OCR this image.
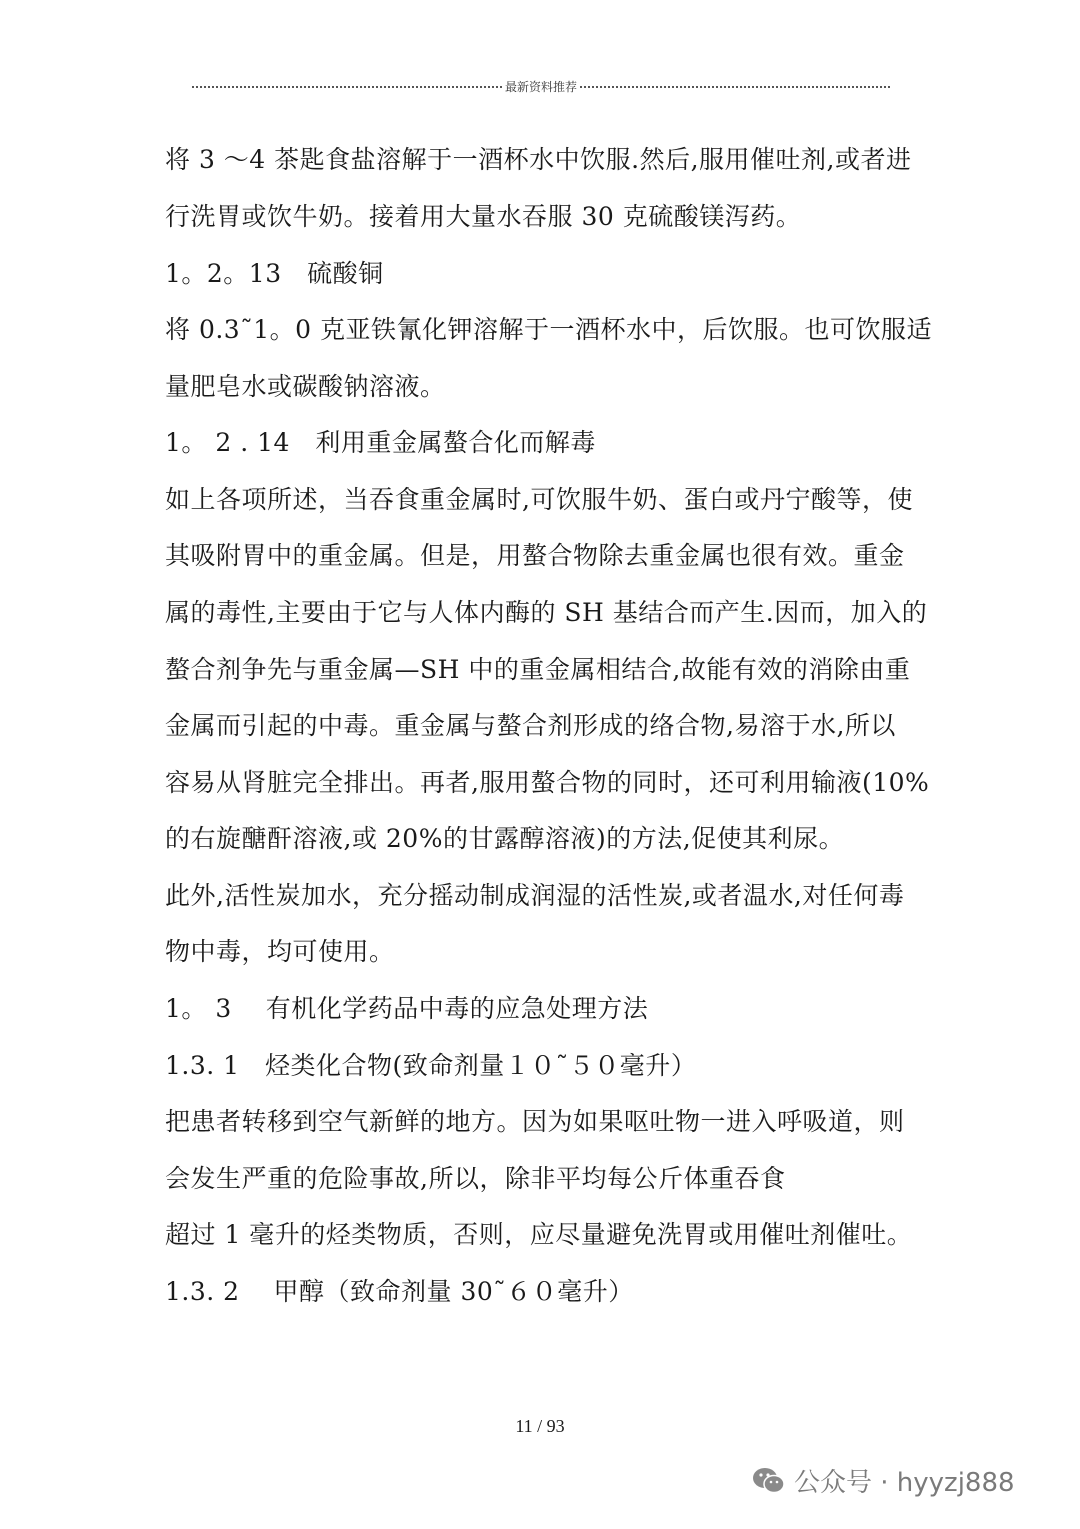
最新资料推荐
将 3 ～4 茶匙食盐溶解于一酒杯水中饮服.然后,服用催吐剂,或者进
行洗胃或饮牛奶。接着用大量水吞服 30 克硫酸镁泻药。
1。2。13　硫酸铜
将 0.3˜1。0 克亚铁氰化钾溶解于一酒杯水中，后饮服。也可饮服适
量肥皂水或碳酸钠溶液。
1。 2 . 14　利用重金属螯合化而解毒
如上各项所述，当吞食重金属时,可饮服牛奶、蛋白或丹宁酸等，使
其吸附胃中的重金属。但是，用螯合物除去重金属也很有效。重金
属的毒性,主要由于它与人体内酶的 SH 基结合而产生.因而，加入的
螯合剂争先与重金属—SH 中的重金属相结合,故能有效的消除由重
金属而引起的中毒。重金属与螯合剂形成的络合物,易溶于水,所以
容易从肾脏完全排出。再者,服用螯合物的同时，还可利用输液(10%
的右旋醣酐溶液,或 20%的甘露醇溶液)的方法,促使其利尿。
此外,活性炭加水，充分摇动制成润湿的活性炭,或者温水,对任何毒
物中毒，均可使用。
1。 3　 有机化学药品中毒的应急处理方法
1.3. 1　烃类化合物(致命剂量１０˜５０毫升）
把患者转移到空气新鲜的地方。因为如果呕吐物一进入呼吸道，则
会发生严重的危险事故,所以，除非平均每公斤体重吞食
超过 1 毫升的烃类物质，否则，应尽量避免洗胃或用催吐剂催吐。
1.3. 2　 甲醇（致命剂量 30˜６０毫升）
11 / 93
公众号 · hyyzj888
